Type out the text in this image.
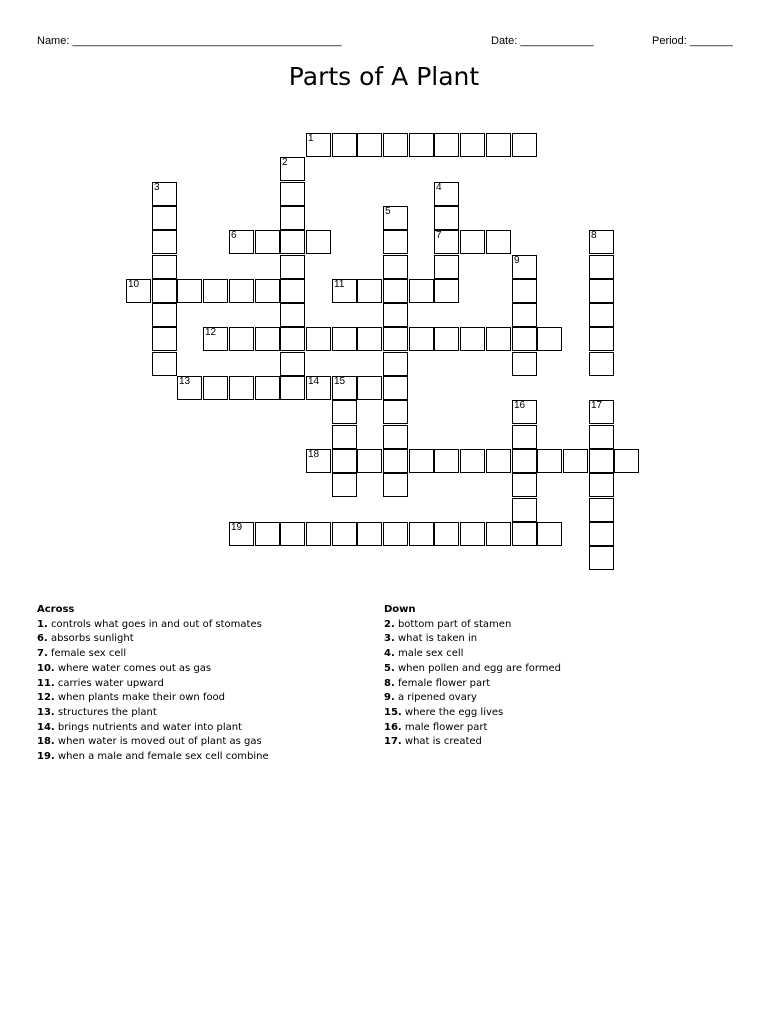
Name: ____________________________________________	Date: ____________	Period: _______
Parts of A Plant
1
2
3	4
7
5
6	8
9
10	11
12
13	14 15
16	17
18
19
Across
1. controls what goes in and out of stomates
6. absorbs sunlight
7. female sex cell
10. where water comes out as gas
11. carries water upward
12. when plants make their own food
13. structures the plant
14. brings nutrients and water into plant
18. when water is moved out of plant as gas
19. when a male and female sex cell combine
Down
2. bottom part of stamen
3. what is taken in
4. male sex cell
5. when pollen and egg are formed
8. female flower part
9. a ripened ovary
15. where the egg lives
16. male flower part
17. what is created
